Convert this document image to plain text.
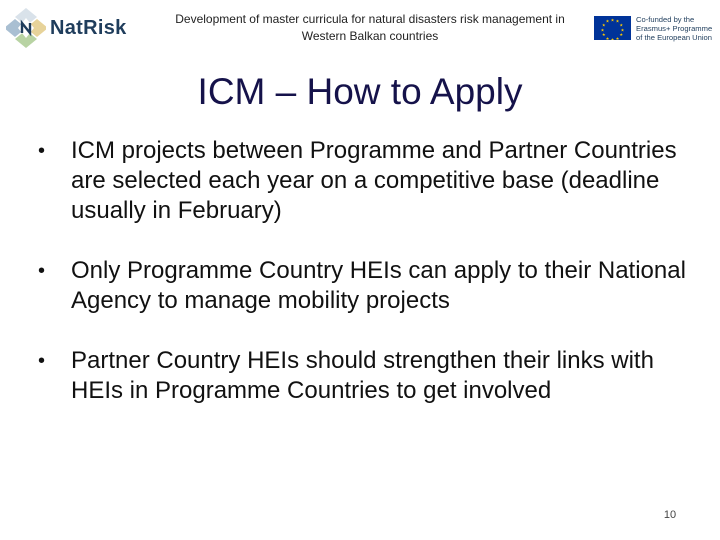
NatRisk	Development of master curricula for natural disasters risk management in Western Balkan countries
★ ★
★
★
★
★
★
★
★
★
★
★	Co-funded by the
Erasmus+ Programme
of the European Union
ICM – How to Apply
• ICM projects between Programme and Partner Countries are selected each year on a competitive base (deadline usually in February)
• Only Programme Country HEIs can apply to their National Agency to manage mobility projects
• Partner Country HEIs should strengthen their links with HEIs in Programme Countries to get involved
10
